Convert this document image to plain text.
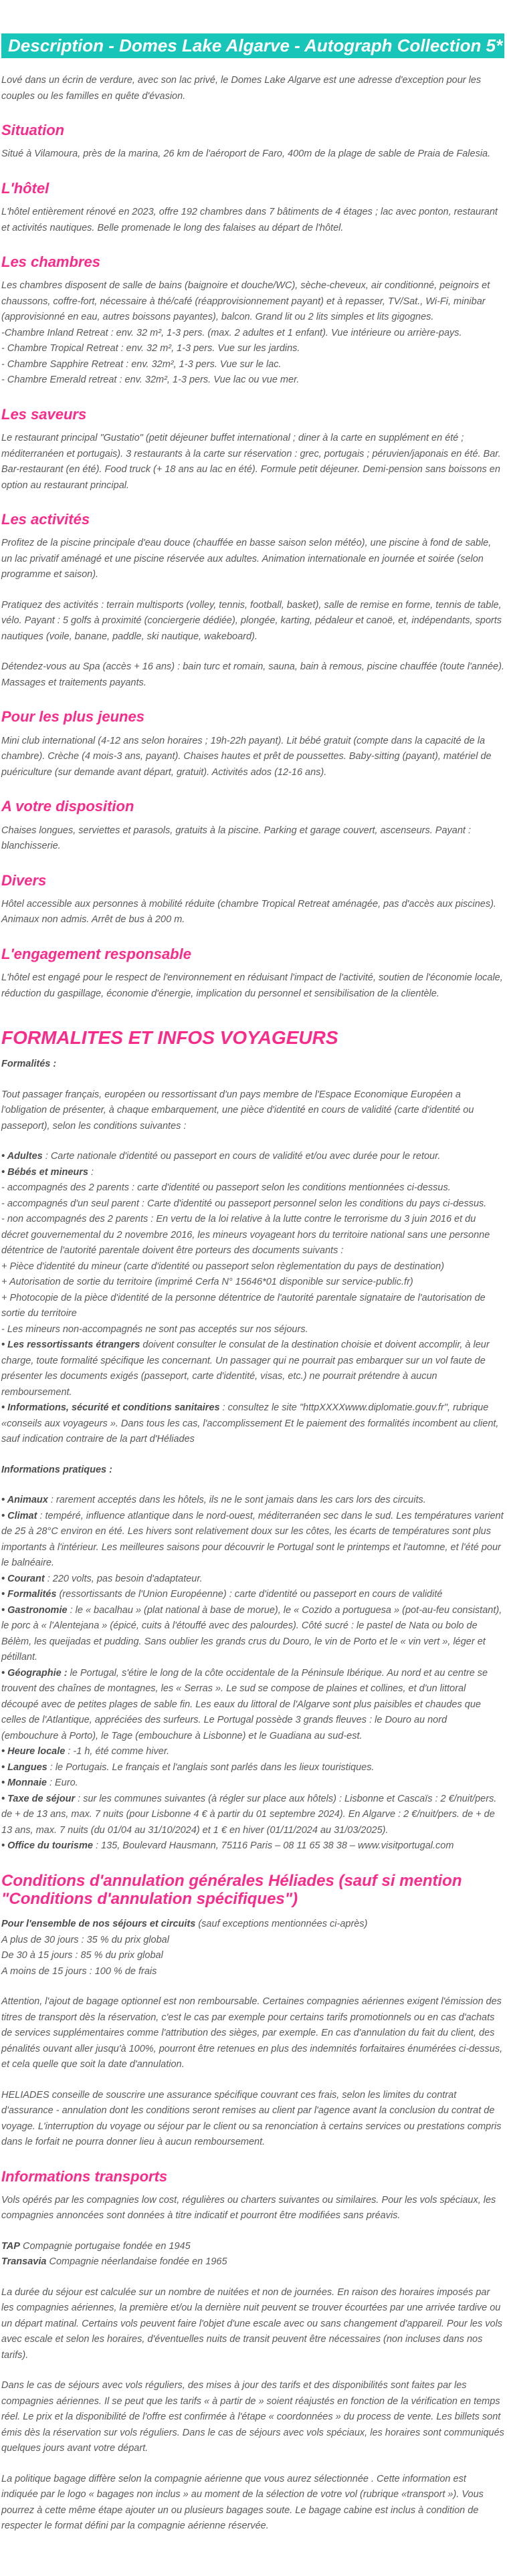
Description - Domes Lake Algarve - Autograph Collection 5*

Lové dans un écrin de verdure, avec son lac privé, le Domes Lake Algarve est une adresse d'exception pour les couples ou les familles en quête d'évasion.

Situation

Situé à Vilamoura, près de la marina, 26 km de l'aéroport de Faro, 400m de la plage de sable de Praia de Falesia.

L'hôtel

L'hôtel entièrement rénové en 2023, offre 192 chambres dans 7 bâtiments de 4 étages ; lac avec ponton, restaurant et activités nautiques. Belle promenade le long des falaises au départ de l'hôtel.

Les chambres

Les chambres disposent de salle de bains (baignoire et douche/WC), sèche-cheveux, air conditionné, peignoirs et chaussons, coffre-fort, nécessaire à thé/café (réapprovisionnement payant) et à repasser, TV/Sat., Wi-Fi, minibar (approvisionné en eau, autres boissons payantes), balcon. Grand lit ou 2 lits simples et lits gigognes.

-Chambre Inland Retreat : env. 32 m², 1-3 pers. (max. 2 adultes et 1 enfant). Vue intérieure ou arrière-pays.
- Chambre Tropical Retreat : env. 32 m², 1-3 pers. Vue sur les jardins.
- Chambre Sapphire Retreat : env. 32m², 1-3 pers. Vue sur le lac.
- Chambre Emerald retreat : env. 32m², 1-3 pers. Vue lac ou vue mer.
Les saveurs

Le restaurant principal "Gustatio" (petit déjeuner buffet international ; diner à la carte en supplément en été ; méditerranéen et portugais). 3 restaurants à la carte sur réservation : grec, portugais ; péruvien/japonais en été. Bar. Bar-restaurant (en été). Food truck (+ 18 ans au lac en été). Formule petit déjeuner. Demi-pension sans boissons en option au restaurant principal.

Les activités

Profitez de la piscine principale d'eau douce (chauffée en basse saison selon météo), une piscine à fond de sable, un lac privatif aménagé et une piscine réservée aux adultes. Animation internationale en journée et soirée (selon programme et saison).

Pratiquez des activités : terrain multisports (volley, tennis, football, basket), salle de remise en forme, tennis de table, vélo. Payant : 5 golfs à proximité (conciergerie dédiée), plongée, karting, pédaleur et canoë, et, indépendants, sports nautiques (voile, banane, paddle, ski nautique, wakeboard).

Détendez-vous au Spa (accès + 16 ans) : bain turc et romain, sauna, bain à remous, piscine chauffée (toute l'année). Massages et traitements payants.

Pour les plus jeunes

Mini club international (4-12 ans selon horaires ; 19h-22h payant). Lit bébé gratuit (compte dans la capacité de la chambre). Crèche (4 mois-3 ans, payant). Chaises hautes et prêt de poussettes. Baby-sitting (payant), matériel de puériculture (sur demande avant départ, gratuit). Activités ados (12-16 ans).

A votre disposition

Chaises longues, serviettes et parasols, gratuits à la piscine. Parking et garage couvert, ascenseurs. Payant : blanchisserie.

Divers

Hôtel accessible aux personnes à mobilité réduite (chambre Tropical Retreat aménagée, pas d'accès aux piscines). Animaux non admis. Arrêt de bus à 200 m.

L'engagement responsable

L'hôtel est engagé pour le respect de l'environnement en réduisant l'impact de l'activité, soutien de l'économie locale, réduction du gaspillage, économie d'énergie, implication du personnel et sensibilisation de la clientèle.

FORMALITES ET INFOS VOYAGEURS

Formalités :

Tout passager français, européen ou ressortissant d'un pays membre de l'Espace Economique Européen a l'obligation de présenter, à chaque embarquement, une pièce d'identité en cours de validité (carte d'identité ou passeport), selon les conditions suivantes :

• Adultes : Carte nationale d'identité ou passeport en cours de validité et/ou avec durée pour le retour.
• Bébés et mineurs :
- accompagnés des 2 parents : carte d'identité ou passeport selon les conditions mentionnées ci-dessus.
- accompagnés d'un seul parent : Carte d'identité ou passeport personnel selon les conditions du pays ci-dessus.
- non accompagnés des 2 parents : En vertu de la loi relative à la lutte contre le terrorisme du 3 juin 2016 et du décret gouvernemental du 2 novembre 2016, les mineurs voyageant hors du territoire national sans une personne détentrice de l'autorité parentale doivent être porteurs des documents suivants :
+ Pièce d'identité du mineur (carte d'identité ou passeport selon règlementation du pays de destination)
+ Autorisation de sortie du territoire (imprimé Cerfa N° 15646*01 disponible sur service-public.fr)
+ Photocopie de la pièce d'identité de la personne détentrice de l'autorité parentale signataire de l'autorisation de sortie du territoire
- Les mineurs non-accompagnés ne sont pas acceptés sur nos séjours.
• Les ressortissants étrangers doivent consulter le consulat de la destination choisie et doivent accomplir, à leur charge, toute formalité spécifique les concernant. Un passager qui ne pourrait pas embarquer sur un vol faute de présenter les documents exigés (passeport, carte d'identité, visas, etc.) ne pourrait prétendre à aucun remboursement.
• Informations, sécurité et conditions sanitaires : consultez le site "httpXXXXwww.diplomatie.gouv.fr", rubrique «conseils aux voyageurs ». Dans tous les cas, l'accomplissement Et le paiement des formalités incombent au client, sauf indication contraire de la part d'Héliades

Informations pratiques :

• Animaux : rarement acceptés dans les hôtels, ils ne le sont jamais dans les cars lors des circuits.
• Climat : tempéré, influence atlantique dans le nord-ouest, méditerranéen sec dans le sud. Les températures varient de 25 à 28°C environ en été. Les hivers sont relativement doux sur les côtes, les écarts de températures sont plus importants à l'intérieur. Les meilleures saisons pour découvrir le Portugal sont le printemps et l'automne, et l'été pour le balnéaire.
• Courant : 220 volts, pas besoin d'adaptateur.
• Formalités (ressortissants de l'Union Européenne) : carte d'identité ou passeport en cours de validité
• Gastronomie : le « bacalhau » (plat national à base de morue), le « Cozido a portuguesa » (pot-au-feu consistant), le porc à « l'Alentejana » (épicé, cuits à l'étouffé avec des palourdes). Côté sucré : le pastel de Nata ou bolo de Bélèm, les queijadas et pudding. Sans oublier les grands crus du Douro, le vin de Porto et le « vin vert », léger et pétillant.
• Géographie : le Portugal, s'étire le long de la côte occidentale de la Péninsule Ibérique. Au nord et au centre se trouvent des chaînes de montagnes, les « Serras ». Le sud se compose de plaines et collines, et d'un littoral découpé avec de petites plages de sable fin. Les eaux du littoral de l'Algarve sont plus paisibles et chaudes que celles de l'Atlantique, appréciées des surfeurs. Le Portugal possède 3 grands fleuves : le Douro au nord (embouchure à Porto), le Tage (embouchure à Lisbonne) et le Guadiana au sud-est.
• Heure locale : -1 h, été comme hiver.
• Langues : le Portugais. Le français et l'anglais sont parlés dans les lieux touristiques.
• Monnaie : Euro.
• Taxe de séjour : sur les communes suivantes (à régler sur place aux hôtels) : Lisbonne et Cascaïs : 2 €/nuit/pers. de + de 13 ans, max. 7 nuits (pour Lisbonne 4 € à partir du 01 septembre 2024). En Algarve : 2 €/nuit/pers. de + de 13 ans, max. 7 nuits (du 01/04 au 31/10/2024) et 1 € en hiver (01/11/2024 au 31/03/2025).
• Office du tourisme : 135, Boulevard Hausmann, 75116 Paris – 08 11 65 38 38 – www.visitportugal.com
Conditions d'annulation générales Héliades (sauf si mention "Conditions d'annulation spécifiques")
Pour l'ensemble de nos séjours et circuits (sauf exceptions mentionnées ci-après)
A plus de 30 jours : 35 % du prix global
De 30 à 15 jours : 85 % du prix global
A moins de 15 jours : 100 % de frais

Attention, l'ajout de bagage optionnel est non remboursable. Certaines compagnies aériennes exigent l'émission des titres de transport dès la réservation, c'est le cas par exemple pour certains tarifs promotionnels ou en cas d'achats de services supplémentaires comme l'attribution des sièges, par exemple. En cas d'annulation du fait du client, des pénalités ouvant aller jusqu'à 100%, pourront être retenues en plus des indemnités forfaitaires énumérées ci-dessus, et cela quelle que soit la date d'annulation.

HELIADES conseille de souscrire une assurance spécifique couvrant ces frais, selon les limites du contrat d'assurance - annulation dont les conditions seront remises au client par l'agence avant la conclusion du contrat de voyage. L'interruption du voyage ou séjour par le client ou sa renonciation à certains services ou prestations compris dans le forfait ne pourra donner lieu à aucun remboursement.

Informations transports

Vols opérés par les compagnies low cost, régulières ou charters suivantes ou similaires. Pour les vols spéciaux, les compagnies annoncées sont données à titre indicatif et pourront être modifiées sans préavis.

TAP Compagnie portugaise fondée en 1945
Transavia Compagnie néerlandaise fondée en 1965

La durée du séjour est calculée sur un nombre de nuitées et non de journées. En raison des horaires imposés par les compagnies aériennes, la première et/ou la dernière nuit peuvent se trouver écourtées par une arrivée tardive ou un départ matinal. Certains vols peuvent faire l'objet d'une escale avec ou sans changement d'appareil. Pour les vols avec escale et selon les horaires, d'éventuelles nuits de transit peuvent être nécessaires (non incluses dans nos tarifs).

Dans le cas de séjours avec vols réguliers, des mises à jour des tarifs et des disponibilités sont faites par les compagnies aériennes. Il se peut que les tarifs « à partir de » soient réajustés en fonction de la vérification en temps réel. Le prix et la disponibilité de l'offre est confirmée à l'étape « coordonnées » du process de vente. Les billets sont émis dès la réservation sur vols réguliers. Dans le cas de séjours avec vols spéciaux, les horaires sont communiqués quelques jours avant votre départ.

La politique bagage diffère selon la compagnie aérienne que vous aurez sélectionnée . Cette information est indiquée par le logo « bagages non inclus » au moment de la sélection de votre vol (rubrique «transport »). Vous pourrez à cette même étape ajouter un ou plusieurs bagages soute. Le bagage cabine est inclus à condition de respecter le format défini par la compagnie aérienne réservée.
